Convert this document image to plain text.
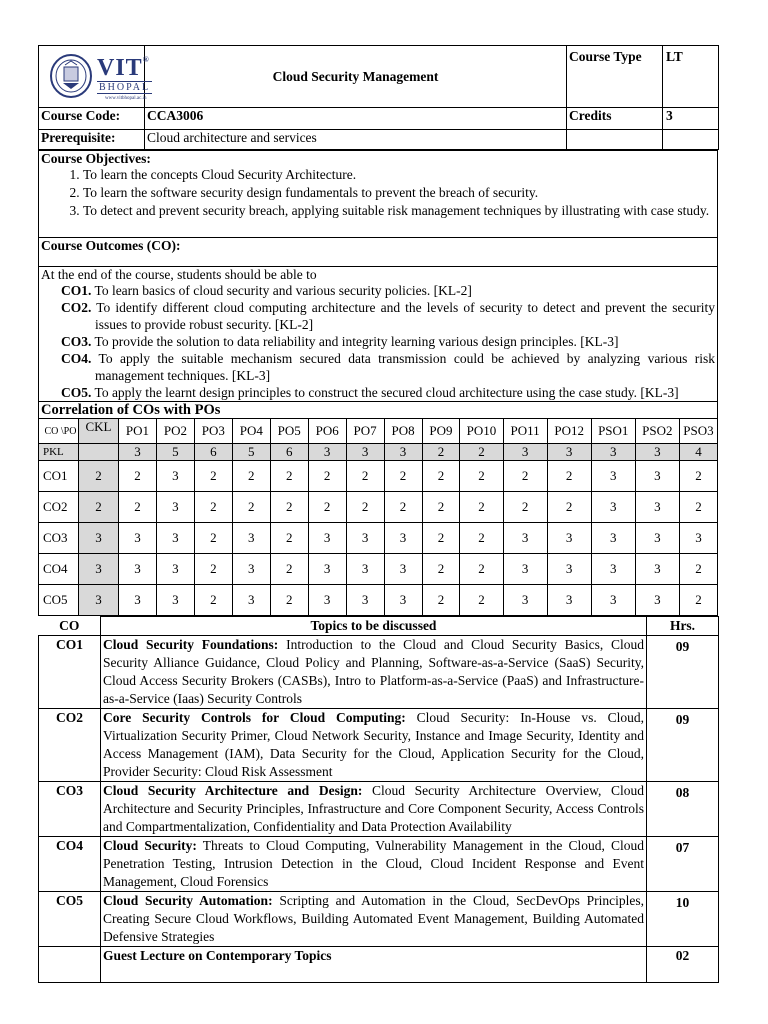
VIT®
BHOPAL
www.vitbhopal.ac.in	Cloud Security Management	Course Type	LT
Course Code:	CCA3006	Credits	3
Prerequisite:	Cloud architecture and services		
Course Objectives:
1. To learn the concepts Cloud Security Architecture.
2. To learn the software security design fundamentals to prevent the breach of security.
3. To detect and prevent security breach, applying suitable risk management techniques by illustrating with case study.

Course Outcomes (CO):

At the end of the course, students should be able to
CO1. To learn basics of cloud security and various security policies. [KL-2]
CO2. To identify different cloud computing architecture and the levels of security to detect and prevent the security issues to provide robust security. [KL-2]
CO3. To provide the solution to data reliability and integrity learning various design principles. [KL-3]
CO4. To apply the suitable mechanism secured data transmission could be achieved by analyzing various risk management techniques. [KL-3]
CO5. To apply the learnt design principles to construct the secured cloud architecture using the case study. [KL-3]

Correlation of COs with POs
CO \PO	CKL	PO1	PO2	PO3	PO4	PO5	PO6	PO7	PO8	PO9	PO10	PO11	PO12	PSO1	PSO2	PSO3
PKL		3	5	6	5	6	3	3	3	2	2	3	3	3	3	4
CO1	2	2	3	2	2	2	2	2	2	2	2	2	2	3	3	2
CO2	2	2	3	2	2	2	2	2	2	2	2	2	2	3	3	2
CO3	3	3	3	2	3	2	3	3	3	2	2	3	3	3	3	3
CO4	3	3	3	2	3	2	3	3	3	2	2	3	3	3	3	2
CO5	3	3	3	2	3	2	3	3	3	2	2	3	3	3	3	2
CO	Topics to be discussed	Hrs.
CO1	Cloud Security Foundations: Introduction to the Cloud and Cloud Security Basics, Cloud Security Alliance Guidance, Cloud Policy and Planning, Software-as-a-Service (SaaS) Security, Cloud Access Security Brokers (CASBs), Intro to Platform-as-a-Service (PaaS) and Infrastructure-as-a-Service (Iaas) Security Controls	09
CO2	Core Security Controls for Cloud Computing: Cloud Security: In-House vs. Cloud, Virtualization Security Primer, Cloud Network Security, Instance and Image Security, Identity and Access Management (IAM), Data Security for the Cloud, Application Security for the Cloud, Provider Security: Cloud Risk Assessment	09
CO3	Cloud Security Architecture and Design: Cloud Security Architecture Overview, Cloud Architecture and Security Principles, Infrastructure and Core Component Security, Access Controls and Compartmentalization, Confidentiality and Data Protection Availability	08
CO4	Cloud Security: Threats to Cloud Computing, Vulnerability Management in the Cloud, Cloud Penetration Testing, Intrusion Detection in the Cloud, Cloud Incident Response and Event Management, Cloud Forensics	07
CO5	Cloud Security Automation: Scripting and Automation in the Cloud, SecDevOps Principles, Creating Secure Cloud Workflows, Building Automated Event Management, Building Automated Defensive Strategies	10
	Guest Lecture on Contemporary Topics	02
